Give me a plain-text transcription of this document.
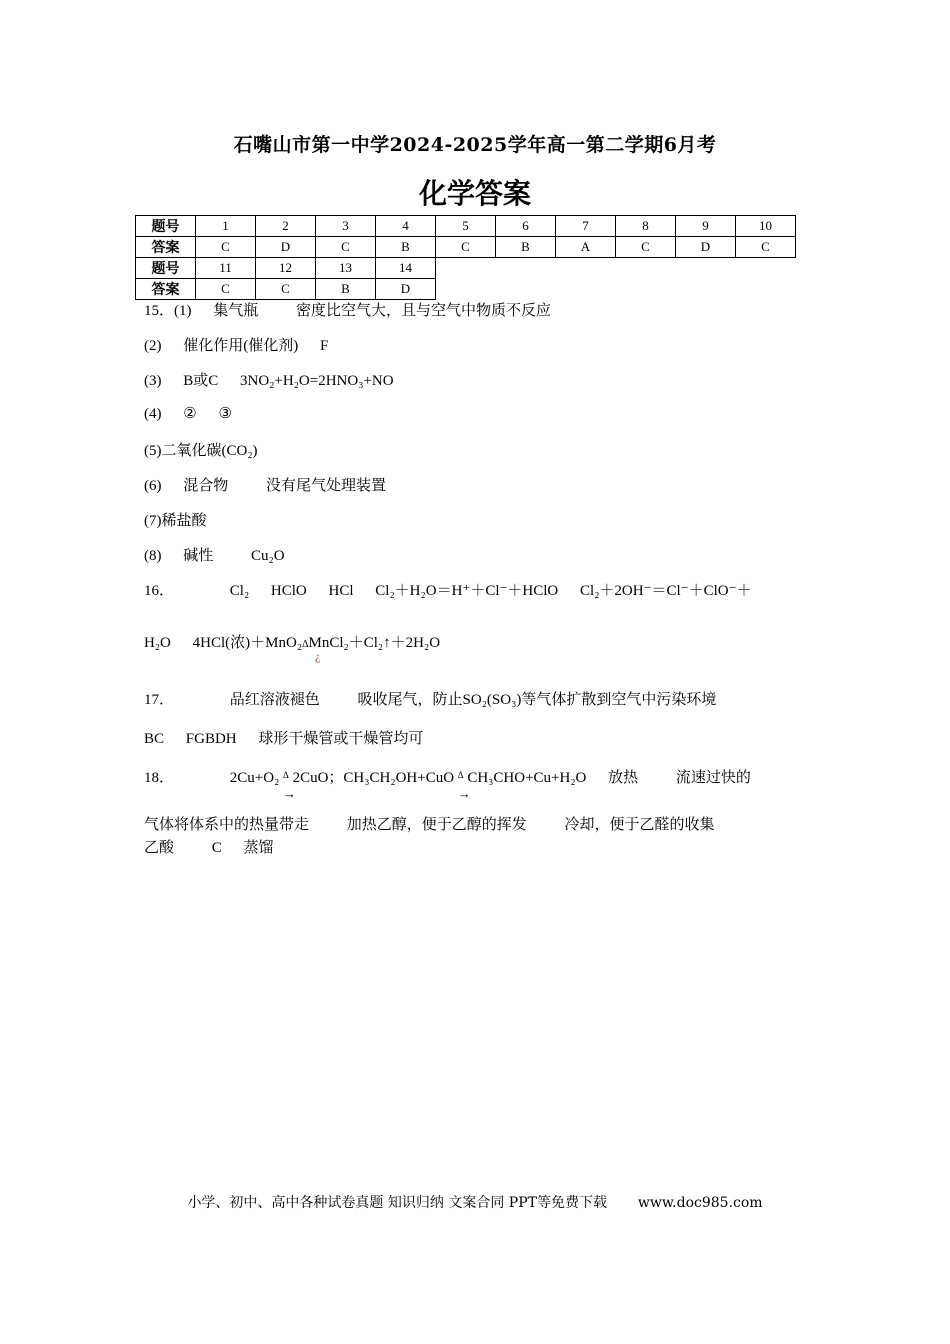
石嘴山市第一中学2024-2025学年高一第二学期6月考
化学答案
题号	1	2	3	4	5	6	7	8	9	10
答案	C	D	C	B	C	B	A	C	D	C
题号	11	12	13	14						
答案	C	C	B	D						
15．(1) 集气瓶	密度比空气大，且与空气中物质不反应
(2) 催化作用(催化剂) F
(3) B或C 3NO₂+H₂O=2HNO₃+NO
(4) ② ③
(5)二氧化碳(CO₂)
(6) 混合物	没有尾气处理装置
(7)稀盐酸
(8) 碱性	Cu₂O
16．	Cl₂ HClO HCl Cl₂＋H₂O＝H⁺＋Cl⁻＋HClO Cl₂＋2OH⁻＝Cl⁻＋ClO⁻＋
H₂O 4HCl(浓)＋MnO₂ΔMnCl₂＋Cl₂↑＋2H₂O
¿
17．	品红溶液褪色	吸收尾气，防止SO₂(SO₃)等气体扩散到空气中污染环境
BC FGBDH 球形干燥管或干燥管均可
18．	2Cu+O₂ $^\Delta$
→
2CuO；CH₃CH₂OH+CuO $^\Delta$
→
CH₃CHO+Cu+H₂O 放热	流速过快的
气体将体系中的热量带走	加热乙醇，便于乙醇的挥发	冷却，便于乙醛的收集
乙酸	C 蒸馏
小学、初中、高中各种试卷真题 知识归纳 文案合同 PPT等免费下载 www.doc985.com
